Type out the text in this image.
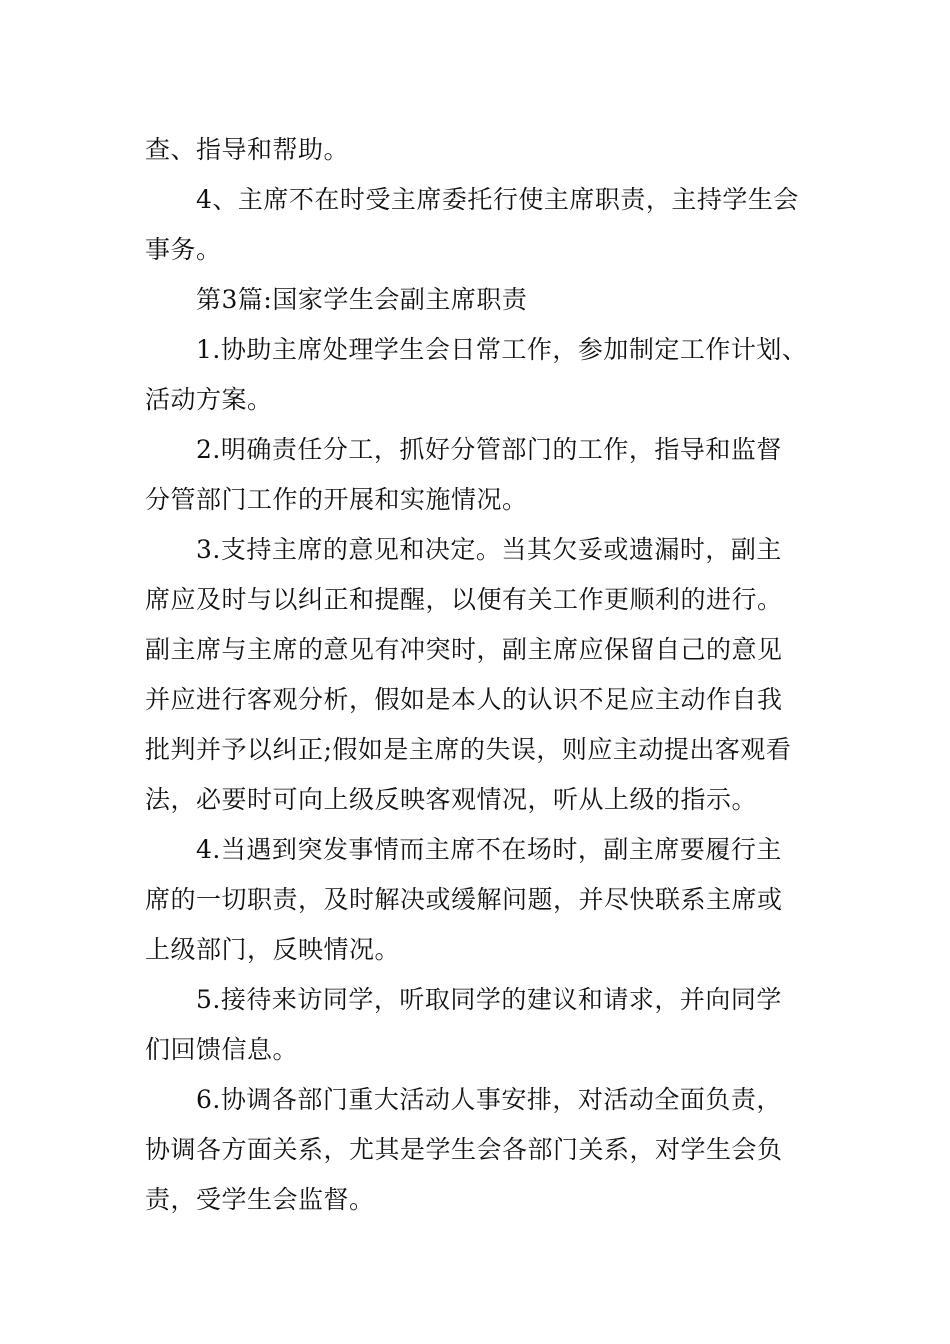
查、指导和帮助。

4、主席不在时受主席委托行使主席职责，主持学生会

事务。

第3篇:国家学生会副主席职责

1.协助主席处理学生会日常工作，参加制定工作计划、

活动方案。

2.明确责任分工，抓好分管部门的工作，指导和监督

分管部门工作的开展和实施情况。

3.支持主席的意见和决定。当其欠妥或遗漏时，副主

席应及时与以纠正和提醒，以便有关工作更顺利的进行。

副主席与主席的意见有冲突时，副主席应保留自己的意见

并应进行客观分析，假如是本人的认识不足应主动作自我

批判并予以纠正;假如是主席的失误，则应主动提出客观看

法，必要时可向上级反映客观情况，听从上级的指示。

4.当遇到突发事情而主席不在场时，副主席要履行主

席的一切职责，及时解决或缓解问题，并尽快联系主席或

上级部门，反映情况。

5.接待来访同学，听取同学的建议和请求，并向同学

们回馈信息。

6.协调各部门重大活动人事安排，对活动全面负责，

协调各方面关系，尤其是学生会各部门关系，对学生会负

责，受学生会监督。
